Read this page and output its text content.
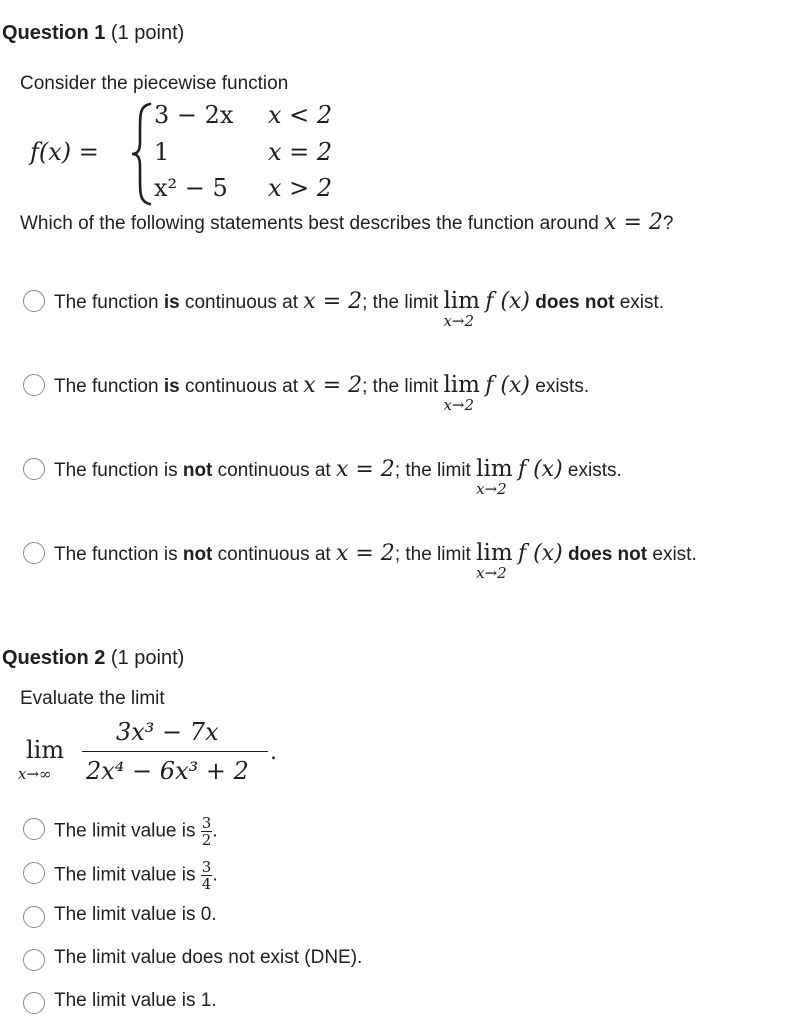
Question 1 (1 point)
Consider the piecewise function
f(x) =
3 − 2x x < 2
1	x = 2
x² − 5 x > 2
Which of the following statements best describes the function around x = 2?
The function is continuous at x = 2; the limit lim
x→2
f (x) does not exist.
The function is continuous at x = 2; the limit lim
x→2
f (x) exists.
The function is not continuous at x = 2; the limit lim
x→2
f (x) exists.
The function is not continuous at x = 2; the limit lim
x→2
f (x) does not exist.
Question 2 (1 point)
Evaluate the limit
lim
x→∞
3x³ − 7x
2x⁴ − 6x³ + 2
.
The limit value is $\frac{3}{2}$ .
The limit value is $\frac{3}{4}$ .
The limit value is 0.
The limit value does not exist (DNE).
The limit value is 1.
